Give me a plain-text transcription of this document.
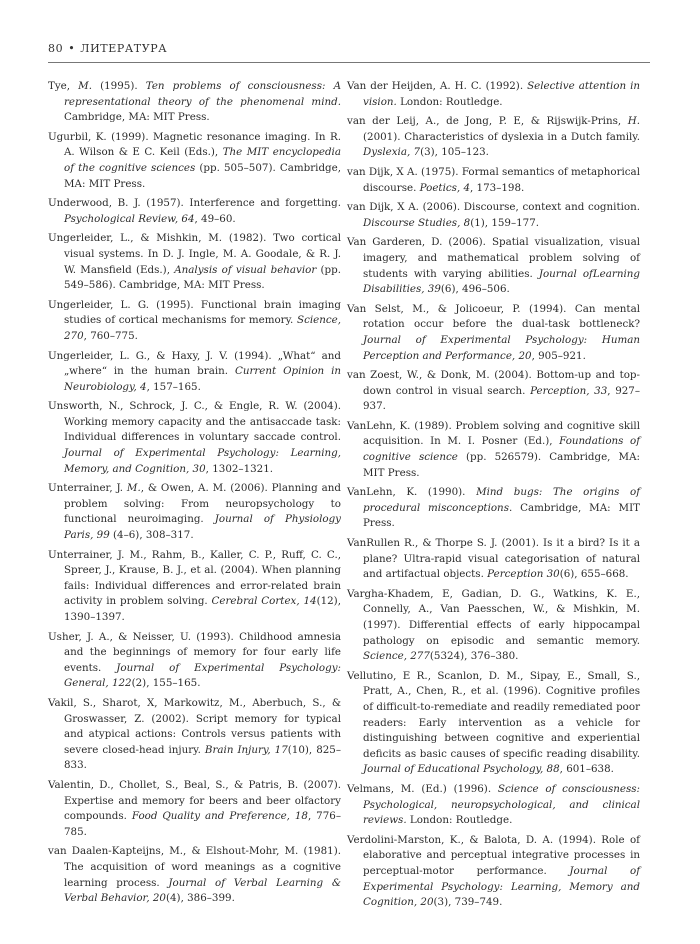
80 • ЛИТЕРАТУРА

Tye, M. (1995). Ten problems of consciousness: A representational theory of the phenomenal mind. Cambridge, MA: MIT Press.

Ugurbil, K. (1999). Magnetic resonance imaging. In R. A. Wilson & E C. Keil (Eds.), The MIT encyclopedia of the cognitive sciences (pp. 505–507). Cambridge, MA: MIT Press.

Underwood, B. J. (1957). Interference and forgetting. Psychological Review, 64, 49–60.

Ungerleider, L., & Mishkin, M. (1982). Two cortical visual systems. In D. J. Ingle, M. A. Goodale, & R. J. W. Mansfield (Eds.), Analysis of visual behavior (pp. 549–586). Cambridge, MA: MIT Press.

Ungerleider, L. G. (1995). Functional brain imaging studies of cortical mechanisms for memory. Science, 270, 760–775.

Ungerleider, L. G., & Haxy, J. V. (1994). „What“ and „where“ in the human brain. Current Opinion in Neurobiology, 4, 157–165.

Unsworth, N., Schrock, J. C., & Engle, R. W. (2004). Working memory capacity and the antisaccade task: Individual differences in voluntary saccade control. Journal of Experimental Psychology: Learning, Memory, and Cognition, 30, 1302–1321.

Unterrainer, J. M., & Owen, A. M. (2006). Planning and problem solving: From neuropsychology to functional neuroimaging. Journal of Physiology Paris, 99 (4–6), 308–317.

Unterrainer, J. M., Rahm, B., Kaller, C. P., Ruff, C. C., Spreer, J., Krause, B. J., et al. (2004). When planning fails: Individual differences and error-related brain activity in problem solving. Cerebral Cortex, 14(12), 1390–1397.

Usher, J. A., & Neisser, U. (1993). Childhood amnesia and the beginnings of memory for four early life events. Journal of Experimental Psychology: General, 122(2), 155–165.

Vakil, S., Sharot, X, Markowitz, M., Aberbuch, S., & Groswasser, Z. (2002). Script memory for typical and atypical actions: Controls versus patients with severe closed-head injury. Brain Injury, 17(10), 825–833.

Valentin, D., Chollet, S., Beal, S., & Patris, B. (2007). Expertise and memory for beers and beer olfactory compounds. Food Quality and Preference, 18, 776–785.

van Daalen-Kapteijns, M., & Elshout-Mohr, M. (1981). The acquisition of word meanings as a cognitive learning process. Journal of Verbal Learning & Verbal Behavior, 20(4), 386–399.

Van der Heijden, A. H. C. (1992). Selective attention in vision. London: Routledge.

van der Leij, A., de Jong, P. E, & Rijswijk-Prins, H. (2001). Characteristics of dyslexia in a Dutch family. Dyslexia, 7(3), 105–123.

van Dijk, X A. (1975). Formal semantics of metaphorical discourse. Poetics, 4, 173–198.

van Dijk, X A. (2006). Discourse, context and cognition. Discourse Studies, 8(1), 159–177.

Van Garderen, D. (2006). Spatial visualization, visual imagery, and mathematical problem solving of students with varying abilities. Journal ofLearning Disabilities, 39(6), 496–506.

Van Selst, M., & Jolicoeur, P. (1994). Can mental rotation occur before the dual-task bottleneck? Journal of Experimental Psychology: Human Perception and Performance, 20, 905–921.

van Zoest, W., & Donk, M. (2004). Bottom-up and top-down control in visual search. Perception, 33, 927–937.

VanLehn, K. (1989). Problem solving and cognitive skill acquisition. In M. I. Posner (Ed.), Foundations of cognitive science (pp. 526579). Cambridge, MA: MIT Press.

VanLehn, K. (1990). Mind bugs: The origins of procedural misconceptions. Cambridge, MA: MIT Press.

VanRullen R., & Thorpe S. J. (2001). Is it a bird? Is it a plane? Ultra-rapid visual categorisation of natural and artifactual objects. Perception 30(6), 655–668.

Vargha-Khadem, E, Gadian, D. G., Watkins, K. E., Connelly, A., Van Paesschen, W., & Mishkin, M. (1997). Differential effects of early hippocampal pathology on episodic and semantic memory. Science, 277(5324), 376–380.

Vellutino, E R., Scanlon, D. M., Sipay, E., Small, S., Pratt, A., Chen, R., et al. (1996). Cognitive profiles of difficult-to-remediate and readily remediated poor readers: Early intervention as a vehicle for distinguishing between cognitive and experiential deficits as basic causes of specific reading disability. Journal of Educational Psychology, 88, 601–638.

Velmans, M. (Ed.) (1996). Science of consciousness: Psychological, neuropsychological, and clinical reviews. London: Routledge.

Verdolini-Marston, K., & Balota, D. A. (1994). Role of elaborative and perceptual integrative processes in perceptual-motor performance. Journal of Experimental Psychology: Learning, Memory and Cognition, 20(3), 739–749.
